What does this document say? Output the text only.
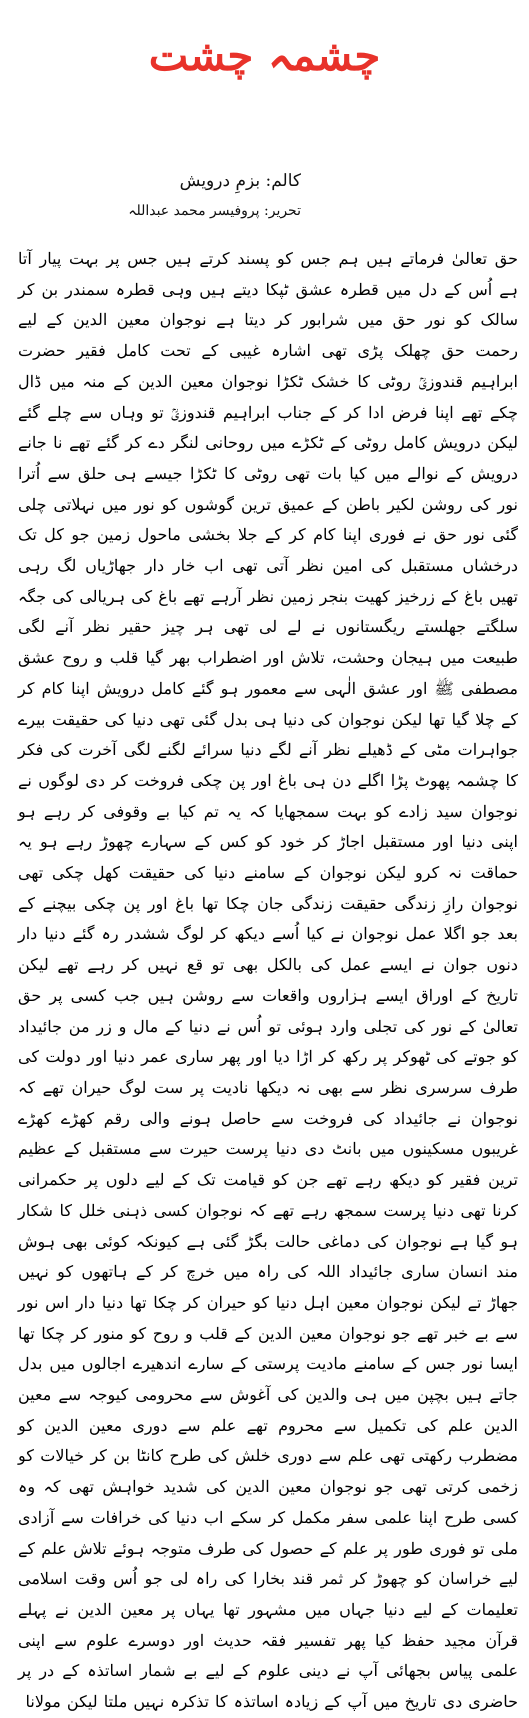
چشمہ چشت
کالم: بزمِ درویش
تحریر: پروفیسر محمد عبداللہ

حق تعالیٰ فرماتے ہیں ہم جس کو پسند کرتے ہیں جس پر بہت پیار آتا ہے اُس کے دل میں قطرہ عشق ٹپکا دیتے ہیں وہی قطرہ سمندر بن کر سالک کو نور حق میں شرابور کر دیتا ہے نوجوان معین الدین کے لیے رحمت حق چھلک پڑی تھی اشارہ غیبی کے تحت کامل فقیر حضرت ابراہیم قندوزیؒ روٹی کا خشک ٹکڑا نوجوان معین الدین کے منہ میں ڈال چکے تھے اپنا فرض ادا کر کے جناب ابراہیم قندوزیؒ تو وہاں سے چلے گئے لیکن درویش کامل روٹی کے ٹکڑے میں روحانی لنگر دے کر گئے تھے نا جانے درویش کے نوالے میں کیا بات تھی روٹی کا ٹکڑا جیسے ہی حلق سے اُترا نور کی روشن لکیر باطن کے عمیق ترین گوشوں کو نور میں نہلاتی چلی گئی نور حق نے فوری اپنا کام کر کے جلا بخشی ماحول زمین جو کل تک درخشاں مستقبل کی امین نظر آتی تھی اب خار دار جھاڑیاں لگ رہی تھیں باغ کے زرخیز کھیت بنجر زمین نظر آرہے تھے باغ کی ہریالی کی جگہ سلگتے جھلستے ریگستانوں نے لے لی تھی ہر چیز حقیر نظر آنے لگی طبیعت میں ہیجان وحشت، تلاش اور اضطراب بھر گیا قلب و روح عشق مصطفی ﷺ اور عشق الٰہی سے معمور ہو گئے کامل درویش اپنا کام کر کے چلا گیا تھا لیکن نوجوان کی دنیا ہی بدل گئی تھی دنیا کی حقیقت بیرے جواہرات مٹی کے ڈھیلے نظر آنے لگے دنیا سرائے لگنے لگی آخرت کی فکر کا چشمہ پھوٹ پڑا اگلے دن ہی باغ اور پن چکی فروخت کر دی لوگوں نے نوجوان سید زادے کو بہت سمجھایا کہ یہ تم کیا بے وقوفی کر رہے ہو اپنی دنیا اور مستقبل اجاڑ کر خود کو کس کے سہارے چھوڑ رہے ہو یہ حماقت نہ کرو لیکن نوجوان کے سامنے دنیا کی حقیقت کھل چکی تھی نوجوان رازِ زندگی حقیقت زندگی جان چکا تھا باغ اور پن چکی بیچنے کے بعد جو اگلا عمل نوجوان نے کیا اُسے دیکھ کر لوگ ششدر رہ گئے دنیا دار دنوں جوان نے ایسے عمل کی بالکل بھی تو قع نہیں کر رہے تھے لیکن تاریخ کے اوراق ایسے ہزاروں واقعات سے روشن ہیں جب کسی پر حق تعالیٰ کے نور کی تجلی وارد ہوئی تو اُس نے دنیا کے مال و زر من جائیداد کو جوتے کی ٹھوکر پر رکھ کر اڑا دیا اور پھر ساری عمر دنیا اور دولت کی طرف سرسری نظر سے بھی نہ دیکھا نادیت پر ست لوگ حیران تھے کہ نوجوان نے جائیداد کی فروخت سے حاصل ہونے والی رقم کھڑے کھڑے غریبوں مسکینوں میں بانٹ دی دنیا پرست حیرت سے مستقبل کے عظیم ترین فقیر کو دیکھ رہے تھے جن کو قیامت تک کے لیے دلوں پر حکمرانی کرنا تھی دنیا پرست سمجھ رہے تھے کہ نوجوان کسی ذہنی خلل کا شکار ہو گیا ہے نوجوان کی دماغی حالت بگڑ گئی ہے کیونکہ کوئی بھی ہوش مند انسان ساری جائیداد اللہ کی راہ میں خرچ کر کے ہاتھوں کو نہیں جھاڑ تے لیکن نوجوان معین اہل دنیا کو حیران کر چکا تھا دنیا دار اس نور سے بے خبر تھے جو نوجوان معین الدین کے قلب و روح کو منور کر چکا تھا ایسا نور جس کے سامنے مادیت پرستی کے سارے اندھیرے اجالوں میں بدل جاتے ہیں بچپن میں ہی والدین کی آغوش سے محرومی کیوجہ سے معین الدین علم کی تکمیل سے محروم تھے علم سے دوری معین الدین کو مضطرب رکھتی تھی علم سے دوری خلش کی طرح کانٹا بن کر خیالات کو زخمی کرتی تھی جو نوجوان معین الدین کی شدید خواہش تھی کہ وہ کسی طرح اپنا علمی سفر مکمل کر سکے اب دنیا کی خرافات سے آزادی ملی تو فوری طور پر علم کے حصول کی طرف متوجہ ہوئے تلاش علم کے لیے خراسان کو چھوڑ کر ثمر قند بخارا کی راہ لی جو اُس وقت اسلامی تعلیمات کے لیے دنیا جہاں میں مشہور تھا یہاں پر معین الدین نے پہلے قرآن مجید حفظ کیا پھر تفسیر فقہ حدیث اور دوسرے علوم سے اپنی علمی پیاس بجھائی آپ نے دینی علوم کے لیے بے شمار اساتذہ کے در پر حاضری دی تاریخ میں آپ کے زیادہ اساتذہ کا تذکرہ نہیں ملتا لیکن مولانا
